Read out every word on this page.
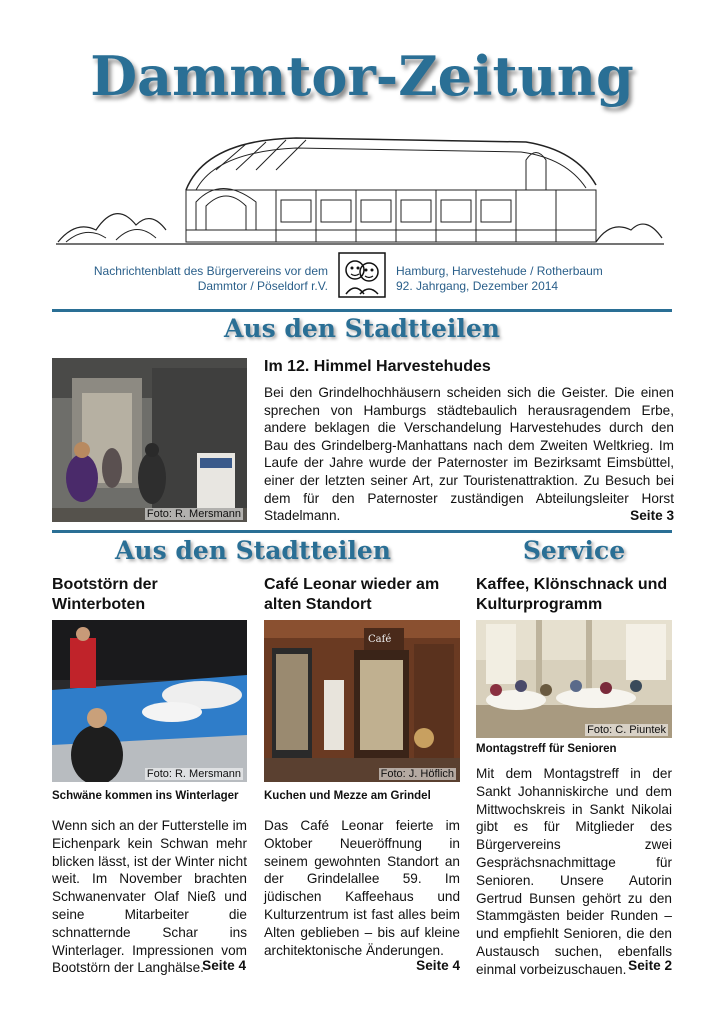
Dammtor-Zeitung
Nachrichtenblatt des Bürgervereins vor dem Dammtor / Pöseldorf r.V.
Hamburg, Harvestehude / Rotherbaum
92. Jahrgang, Dezember 2014
Aus den Stadtteilen
Foto: R. Mersmann
Im 12. Himmel Harvestehudes
Bei den Grindelhochhäusern scheiden sich die Geister. Die einen sprechen von Hamburgs städtebaulich herausragendem Erbe, andere beklagen die Verschandelung Harvestehudes durch den Bau des Grindelberg-Manhattans nach dem Zweiten Weltkrieg. Im Laufe der Jahre wurde der Paternoster im Bezirksamt Eimsbüttel, einer der letzten seiner Art, zur Touristenattraktion. Zu Besuch bei dem für den Paternoster zuständigen Abteilungsleiter Horst Stadelmann.	Seite 3
Aus den Stadtteilen	Service
Bootstörn der Winterboten
Foto: R. Mersmann
Schwäne kommen ins Winterlager
Wenn sich an der Futterstelle im Eichenpark kein Schwan mehr blicken lässt, ist der Winter nicht weit. Im November brachten Schwanenvater Olaf Nieß und seine Mitarbeiter die schnatternde Schar ins Winterlager. Impressionen vom Bootstörn der Langhälse.
Seite 4
Café Leonar wieder am alten Standort
Café
Foto: J. Höflich
Kuchen und Mezze am Grindel
Das Café Leonar feierte im Oktober Neueröffnung in seinem gewohnten Standort an der Grindelallee 59. Im jüdischen Kaffeehaus und Kulturzentrum ist fast alles beim Alten geblieben – bis auf kleine architektonische Änderungen.
Seite 4
Kaffee, Klönschnack und Kulturprogramm
Foto: C. Piuntek
Montagstreff für Senioren
Mit dem Montagstreff in der Sankt Johanniskirche und dem Mittwochskreis in Sankt Nikolai gibt es für Mitglieder des Bürgervereins zwei Gesprächsnachmittage für Senioren. Unsere Autorin Gertrud Bunsen gehört zu den Stammgästen beider Runden – und empfiehlt Senioren, die den Austausch suchen, ebenfalls einmal vorbeizuschauen. Seite 2
